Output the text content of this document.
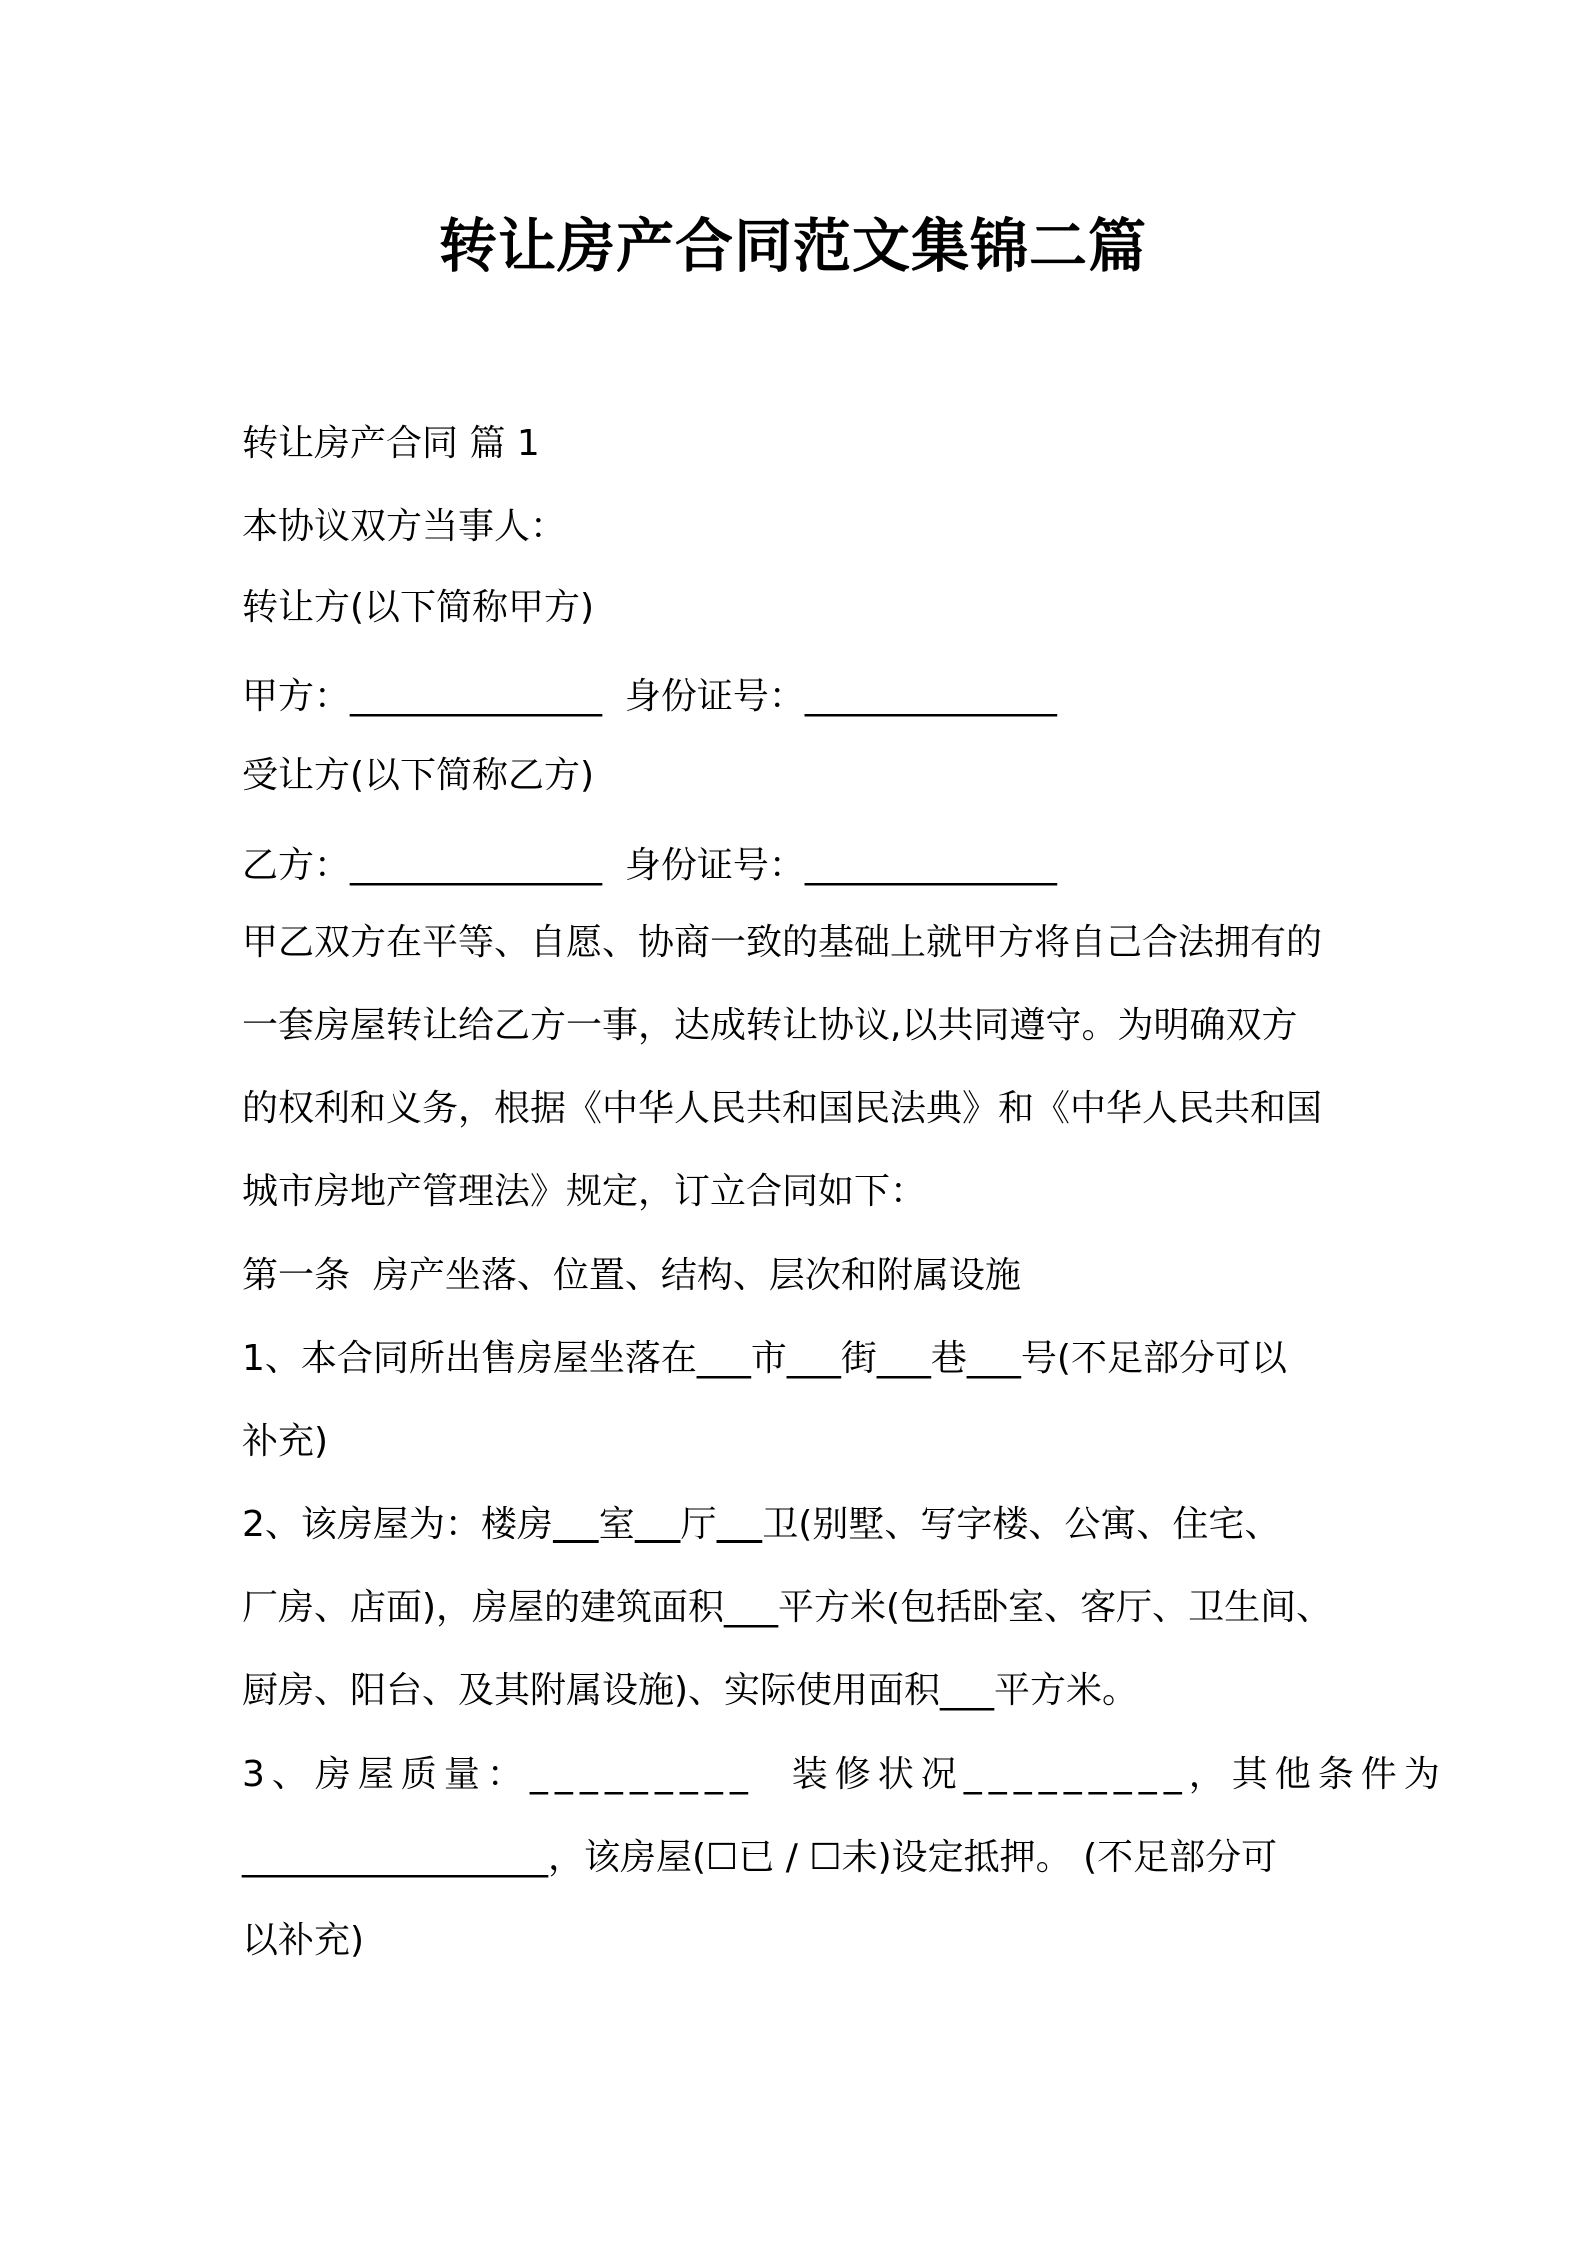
转让房产合同范文集锦二篇
转让房产合同 篇 1
本协议双方当事人：
转让方(以下简称甲方)
甲方：______________  身份证号：______________
受让方(以下简称乙方)
乙方：______________  身份证号：______________
甲乙双方在平等、自愿、协商一致的基础上就甲方将自己合法拥有的
一套房屋转让给乙方一事，达成转让协议,以共同遵守。为明确双方
的权利和义务，根据《中华人民共和国民法典》和《中华人民共和国
城市房地产管理法》规定，订立合同如下：
第一条  房产坐落、位置、结构、层次和附属设施
1、本合同所出售房屋坐落在___市___街___巷___号(不足部分可以
补充)
2、该房屋为：楼房 室 厅 卫(别墅、写字楼、公寓、住宅、
厂房、店面)，房屋的建筑面积___平方米(包括卧室、客厅、卫生间、
厨房、阳台、及其附属设施)、实际使用面积___平方米。
3、房屋质量：_________  装修状况_________，其他条件为
_________________，该房屋(☐已 / ☐未)设定抵押。 (不足部分可
以补充)
